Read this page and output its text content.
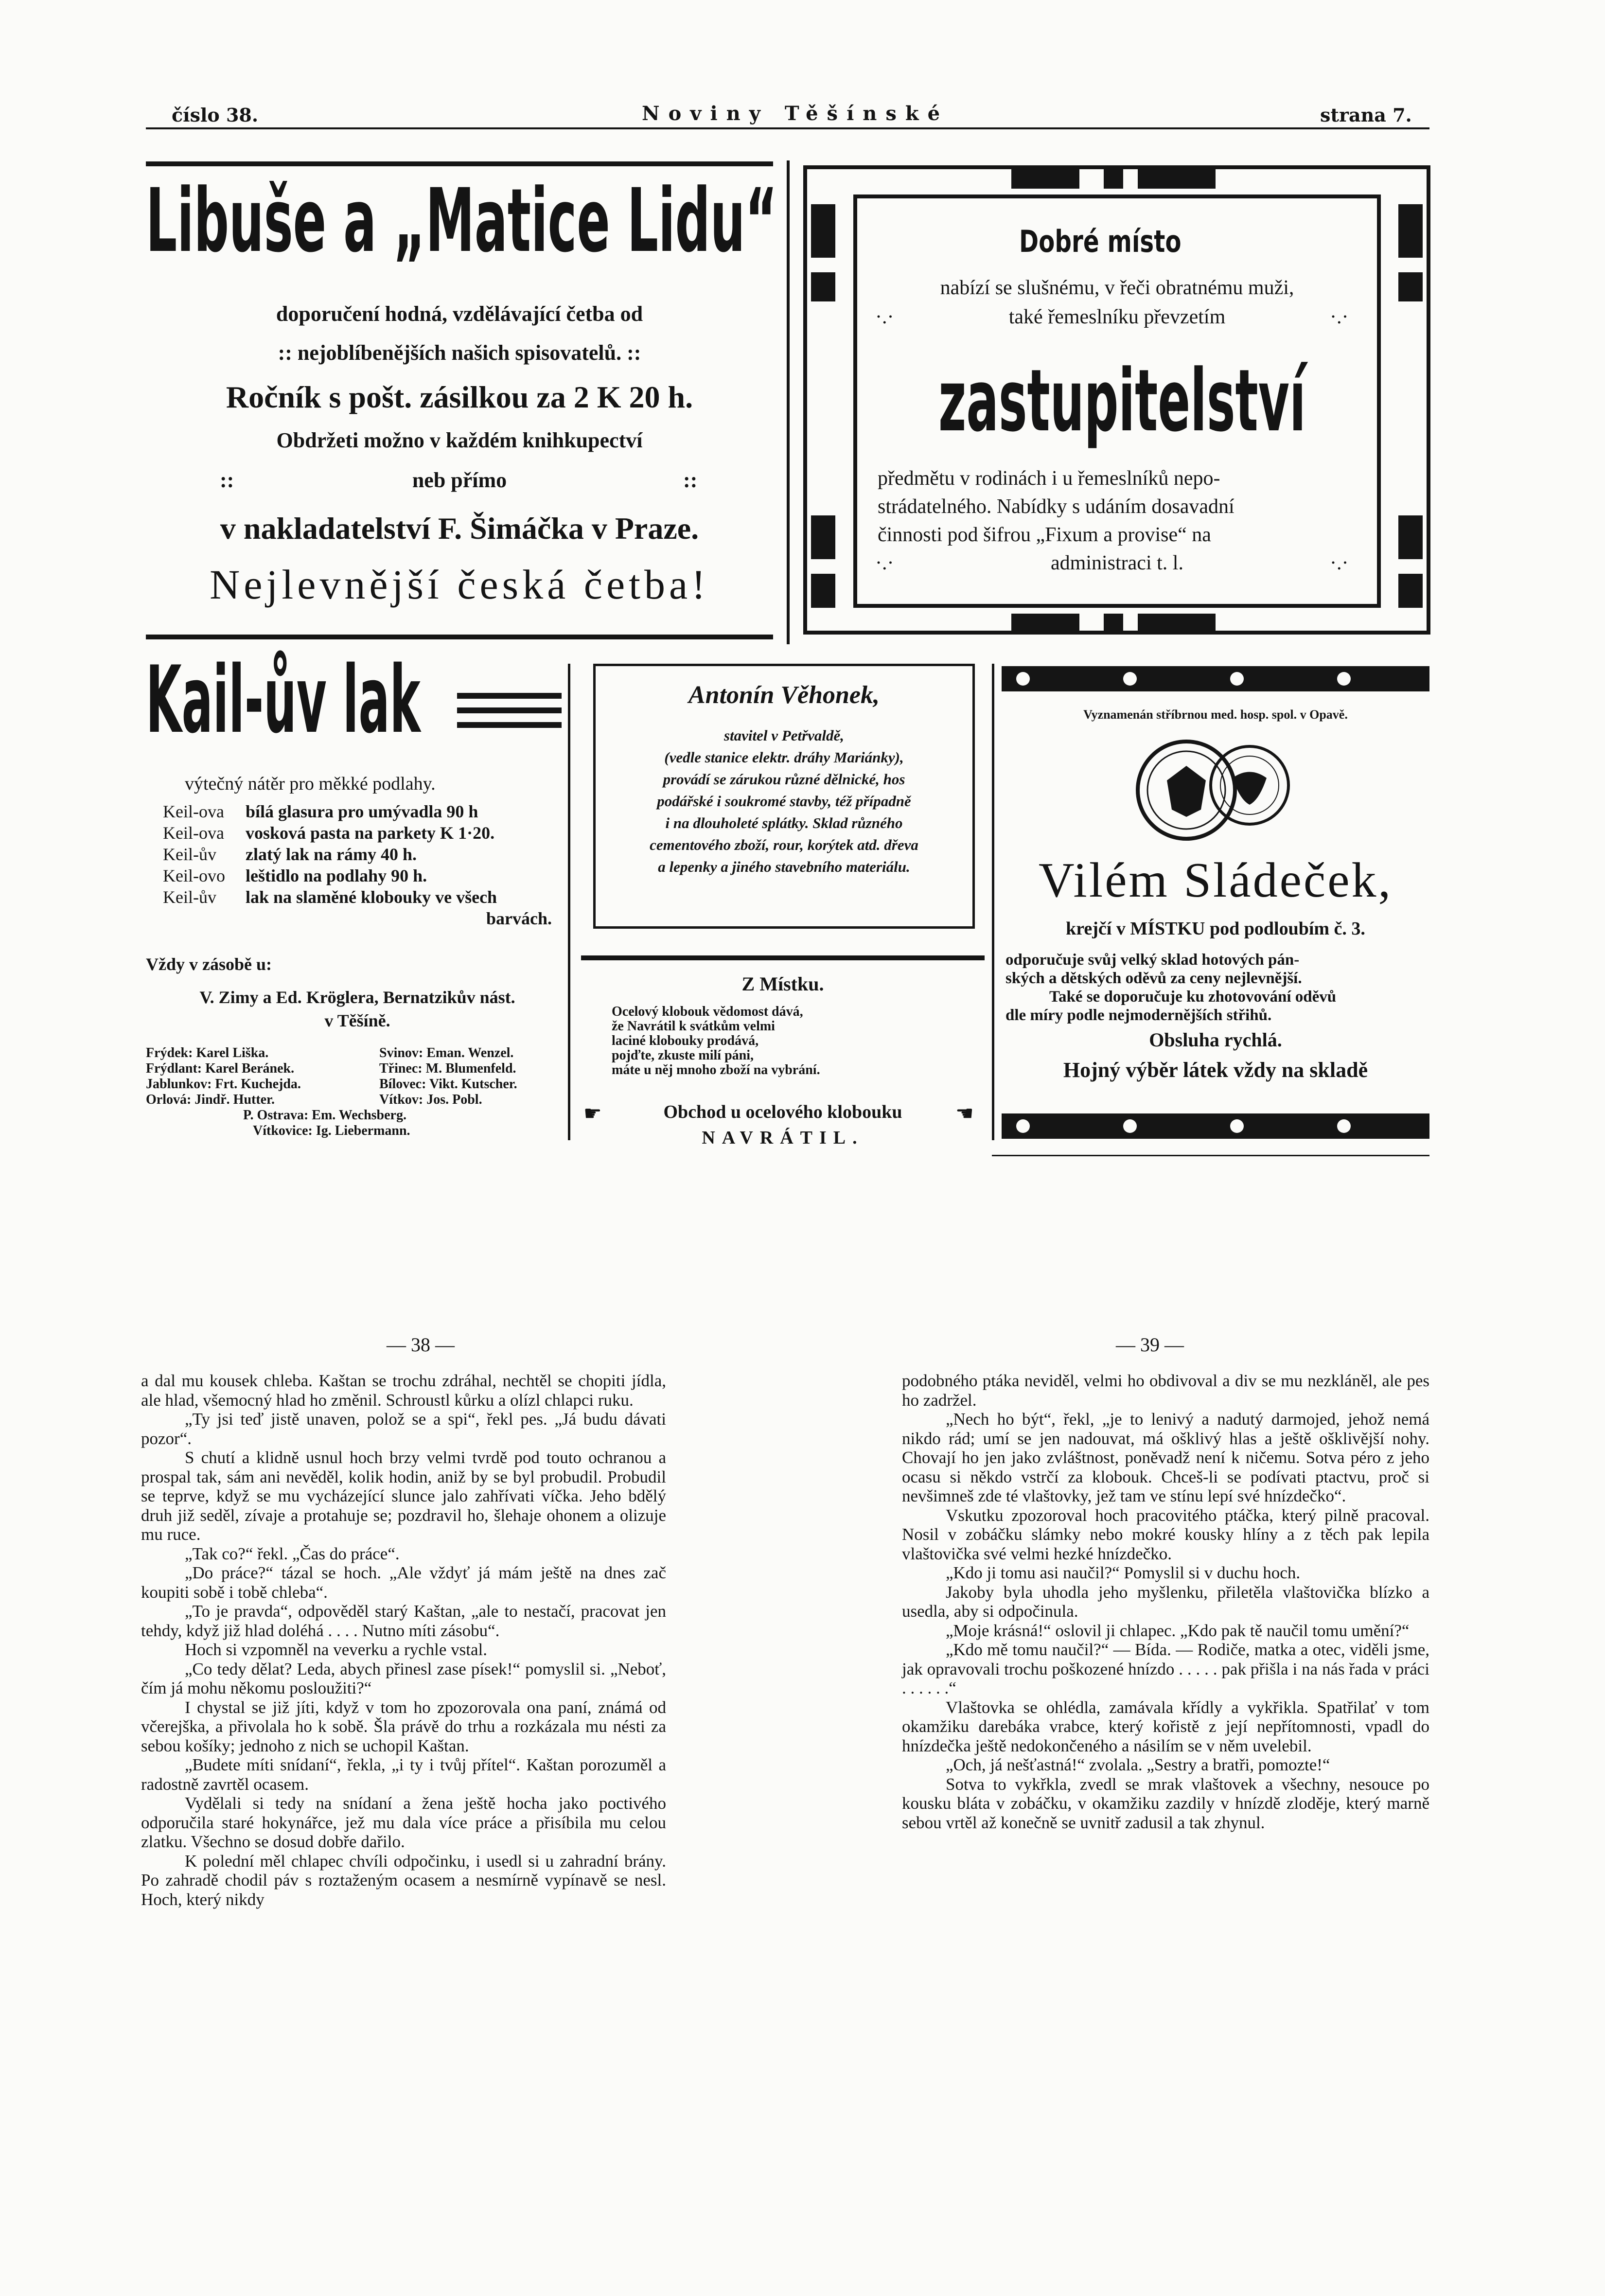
číslo 38.	Noviny Těšínské	strana 7.
Libuše a „Matice Lidu“
doporučení hodná, vzdělávající četba od
:: nejoblíbenějších našich spisovatelů. ::
Ročník s pošt. zásilkou za 2 K 20 h.
Obdržeti možno v každém knihkupectví
::	neb přímo	::
v nakladatelství F. Šimáčka v Praze.
Nejlevnější česká četba!
Dobré místo
nabízí se slušnému, v řeči obratnému muži,
·.·	také řemeslníku převzetím	·.·
zastupitelství
předmětu v rodinách i u řemeslníků nepo-
strádatelného. Nabídky s udáním dosavadní
činnosti pod šifrou „Fixum a provise“ na
·.·	administraci t. l.	·.·
Kail-ův lak
výtečný nátěr pro měkké podlahy.
Keil-ova bílá glasura pro umývadla 90 h
Keil-ova vosková pasta na parkety K 1·20.
Keil-ův zlatý lak na rámy 40 h.
Keil-ovo leštidlo na podlahy 90 h.
Keil-ův lak na slaměné klobouky ve všech
barvách.
Vždy v zásobě u:
V. Zimy a Ed. Kröglera, Bernatzikův nást.
v Těšíně.
Frýdek: Karel Liška.	Svinov: Eman. Wenzel.
Frýdlant: Karel Beránek.	Třinec: M. Blumenfeld.
Jablunkov: Frt. Kuchejda.	Bílovec: Vikt. Kutscher.
Orlová: Jindř. Hutter.	Vítkov: Jos. Pobl.
P. Ostrava: Em. Wechsberg.
Vítkovice: Ig. Liebermann.
Antonín Věhonek,
stavitel v Petřvaldě,
(vedle stanice elektr. dráhy Mariánky),
provádí se zárukou různé dělnické, hos
podářské i soukromé stavby, též případně
i na dlouholeté splátky. Sklad různého
cementového zboží, rour, korýtek atd. dřeva
a lepenky a jiného stavebního materiálu.
Z Místku.
Ocelový klobouk vědomost dává,
že Navrátil k svátkům velmi
laciné klobouky prodává,
pojďte, zkuste milí páni,
máte u něj mnoho zboží na vybrání.
☛	Obchod u ocelového klobouku	☚
NAVRÁTIL.
Vyznamenán stříbrnou med. hosp. spol. v Opavě.
Vilém Sládeček,
krejčí v MÍSTKU pod podloubím č. 3.
odporučuje svůj velký sklad hotových pán-
ských a dětských oděvů za ceny nejlevnější.
Také se doporučuje ku zhotovování oděvů
dle míry podle nejmodernějších střihů.
Obsluha rychlá.
Hojný výběr látek vždy na skladě
— 38 —	— 39 —

a dal mu kousek chleba. Kaštan se trochu zdráhal, nechtěl se chopiti jídla, ale hlad, všemocný hlad ho změnil. Schroustl kůrku a olízl chlapci ruku.

„Ty jsi teď jistě unaven, polož se a spi“, řekl pes. „Já budu dávati pozor“.

S chutí a klidně usnul hoch brzy velmi tvrdě pod touto ochranou a prospal tak, sám ani nevěděl, kolik hodin, aniž by se byl probudil. Probudil se teprve, když se mu vycházející slunce jalo zahřívati víčka. Jeho bdělý druh již seděl, zívaje a protahuje se; pozdravil ho, šlehaje ohonem a olizuje mu ruce.

„Tak co?“ řekl. „Čas do práce“.

„Do práce?“ tázal se hoch. „Ale vždyť já mám ještě na dnes zač koupiti sobě i tobě chleba“.

„To je pravda“, odpověděl starý Kaštan, „ale to nestačí, pracovat jen tehdy, když již hlad doléhá . . . . Nutno míti zásobu“.

Hoch si vzpomněl na veverku a rychle vstal.

„Co tedy dělat? Leda, abych přinesl zase písek!“ pomyslil si. „Neboť, čím já mohu někomu posloužiti?“

I chystal se již jíti, když v tom ho zpozorovala ona paní, známá od včerejška, a přivolala ho k sobě. Šla právě do trhu a rozkázala mu nésti za sebou košíky; jednoho z nich se uchopil Kaštan.

„Budete míti snídaní“, řekla, „i ty i tvůj přítel“. Kaštan porozuměl a radostně zavrtěl ocasem.

Vydělali si tedy na snídaní a žena ještě hocha jako poctivého odporučila staré hokynářce, jež mu dala více práce a přisíbila mu celou zlatku. Všechno se dosud dobře dařilo.

K polední měl chlapec chvíli odpočinku, i usedl si u zahradní brány. Po zahradě chodil páv s roztaženým ocasem a nesmírně vypínavě se nesl. Hoch, který nikdy

podobného ptáka neviděl, velmi ho obdivoval a div se mu nezkláněl, ale pes ho zadržel.

„Nech ho být“, řekl, „je to lenivý a nadutý darmojed, jehož nemá nikdo rád; umí se jen nadouvat, má ošklivý hlas a ještě ošklivější nohy. Chovají ho jen jako zvláštnost, poněvadž není k ničemu. Sotva péro z jeho ocasu si někdo vstrčí za klobouk. Chceš-li se podívati ptactvu, proč si nevšimneš zde té vlaštovky, jež tam ve stínu lepí své hnízdečko“.

Vskutku zpozoroval hoch pracovitého ptáčka, který pilně pracoval. Nosil v zobáčku slámky nebo mokré kousky hlíny a z těch pak lepila vlaštovička své velmi hezké hnízdečko.

„Kdo ji tomu asi naučil?“ Pomyslil si v duchu hoch.

Jakoby byla uhodla jeho myšlenku, přiletěla vlaštovička blízko a usedla, aby si odpočinula.

„Moje krásná!“ oslovil ji chlapec. „Kdo pak tě naučil tomu umění?“

„Kdo mě tomu naučil?“ — Bída. — Rodiče, matka a otec, viděli jsme, jak opravovali trochu poškozené hnízdo . . . . . pak přišla i na nás řada v práci . . . . . .“

Vlaštovka se ohlédla, zamávala křídly a vykřikla. Spatřilať v tom okamžiku darebáka vrabce, který kořistě z její nepřítomnosti, vpadl do hnízdečka ještě nedokončeného a násilím se v něm uvelebil.

„Och, já nešťastná!“ zvolala. „Sestry a bratři, pomozte!“

Sotva to vykřkla, zvedl se mrak vlaštovek a všechny, nesouce po kousku bláta v zobáčku, v okamžiku zazdily v hnízdě zloděje, který marně sebou vrtěl až konečně se uvnitř zadusil a tak zhynul.
